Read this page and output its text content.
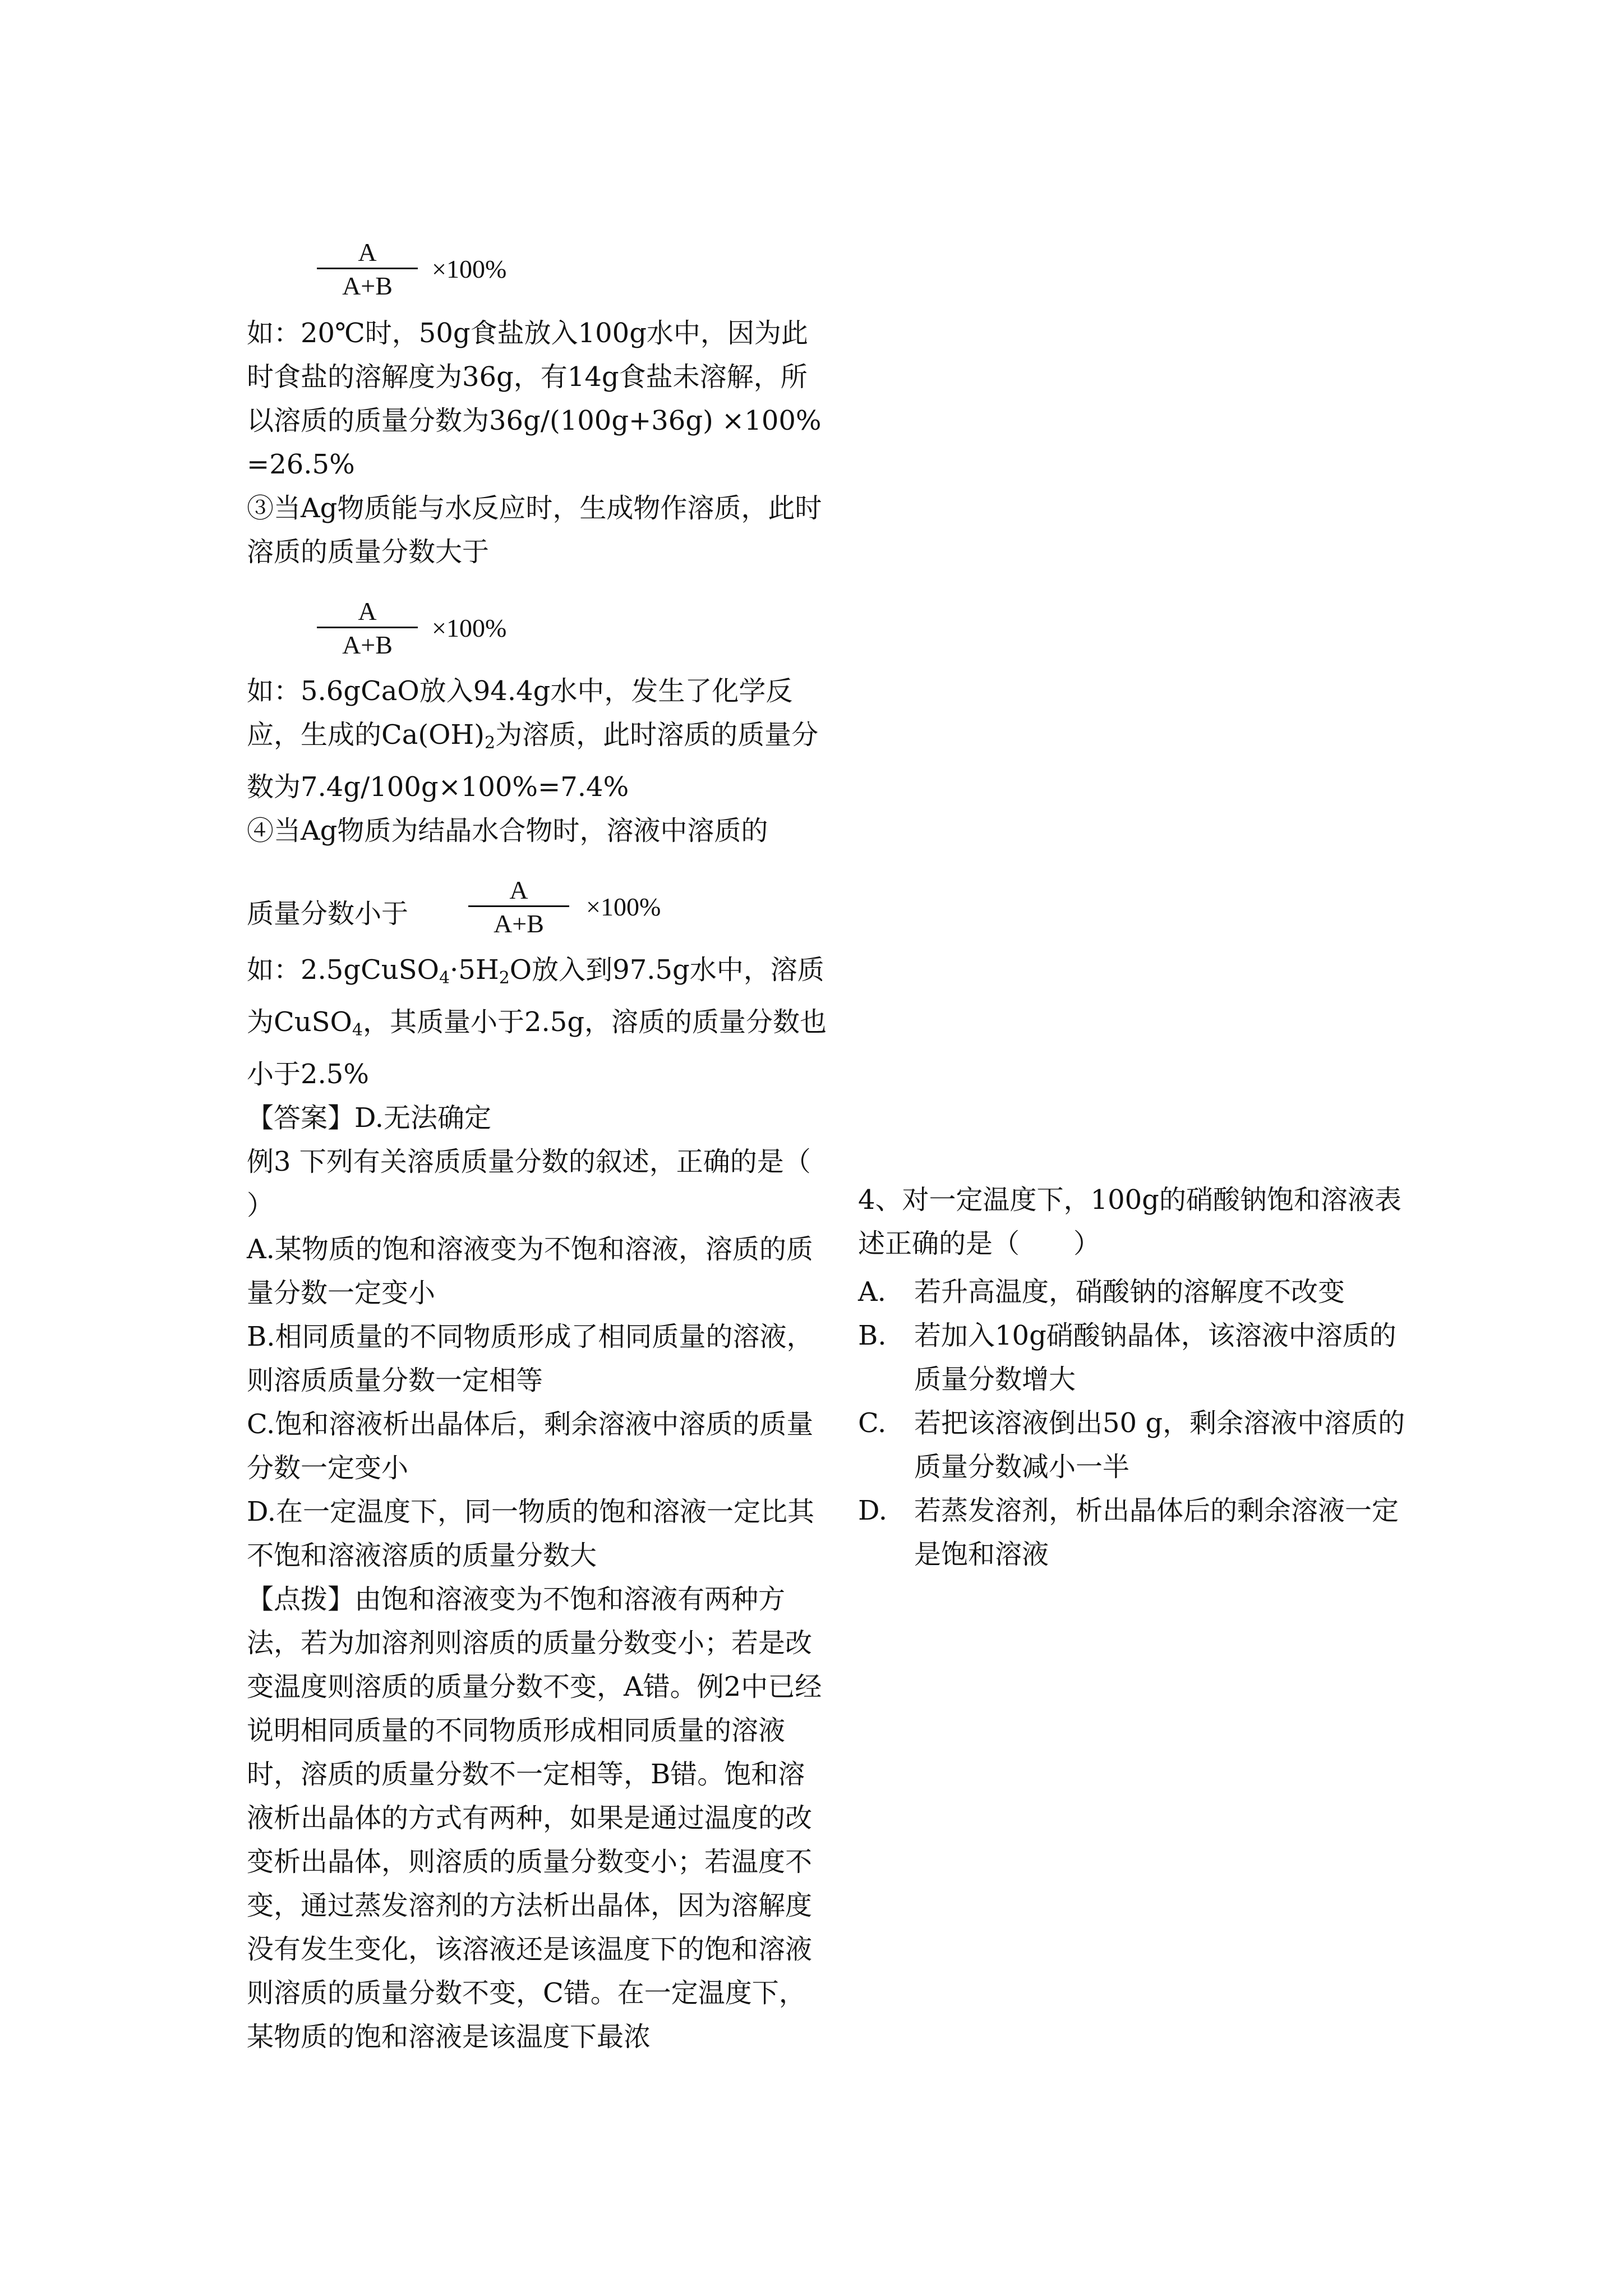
A
A+B
×100%

如：20℃时，50g食盐放入100g水中，因为此时食盐的溶解度为36g，有14g食盐未溶解，所以溶质的质量分数为36g/(100g+36g) ×100%=26.5%

③当Ag物质能与水反应时，生成物作溶质，此时溶质的质量分数大于

A
A+B
×100%

如：5.6gCaO放入94.4g水中，发生了化学反应，生成的$Ca(OH)_2$为溶质，此时溶质的质量分数为7.4g/100g×100%=7.4%

④当Ag物质为结晶水合物时，溶液中溶质的

质量分数小于
A
A+B
×100%

如：$2.5gCuSO_4\cdot 5H_2O$放入到97.5g水中，溶质为CuSO$_4$，其质量小于2.5g，溶质的质量分数也小于2.5%

【答案】D.无法确定

例3 下列有关溶质质量分数的叙述，正确的是（　　）

A.某物质的饱和溶液变为不饱和溶液，溶质的质量分数一定变小

B.相同质量的不同物质形成了相同质量的溶液，则溶质质量分数一定相等

C.饱和溶液析出晶体后，剩余溶液中溶质的质量分数一定变小

D.在一定温度下，同一物质的饱和溶液一定比其不饱和溶液溶质的质量分数大

【点拨】由饱和溶液变为不饱和溶液有两种方法，若为加溶剂则溶质的质量分数变小；若是改变温度则溶质的质量分数不变，A错。例2中已经说明相同质量的不同物质形成相同质量的溶液时，溶质的质量分数不一定相等，B错。饱和溶液析出晶体的方式有两种，如果是通过温度的改变析出晶体，则溶质的质量分数变小；若温度不变，通过蒸发溶剂的方法析出晶体，因为溶解度没有发生变化，该溶液还是该温度下的饱和溶液则溶质的质量分数不变，C错。在一定温度下，某物质的饱和溶液是该温度下最浓

4、对一定温度下，100g的硝酸钠饱和溶液表述正确的是（　　）

A. 若升高温度，硝酸钠的溶解度不改变

B. 若加入10g硝酸钠晶体，该溶液中溶质的质量分数增大

C. 若把该溶液倒出50 g，剩余溶液中溶质的质量分数减小一半

D. 若蒸发溶剂，析出晶体后的剩余溶液一定是饱和溶液
